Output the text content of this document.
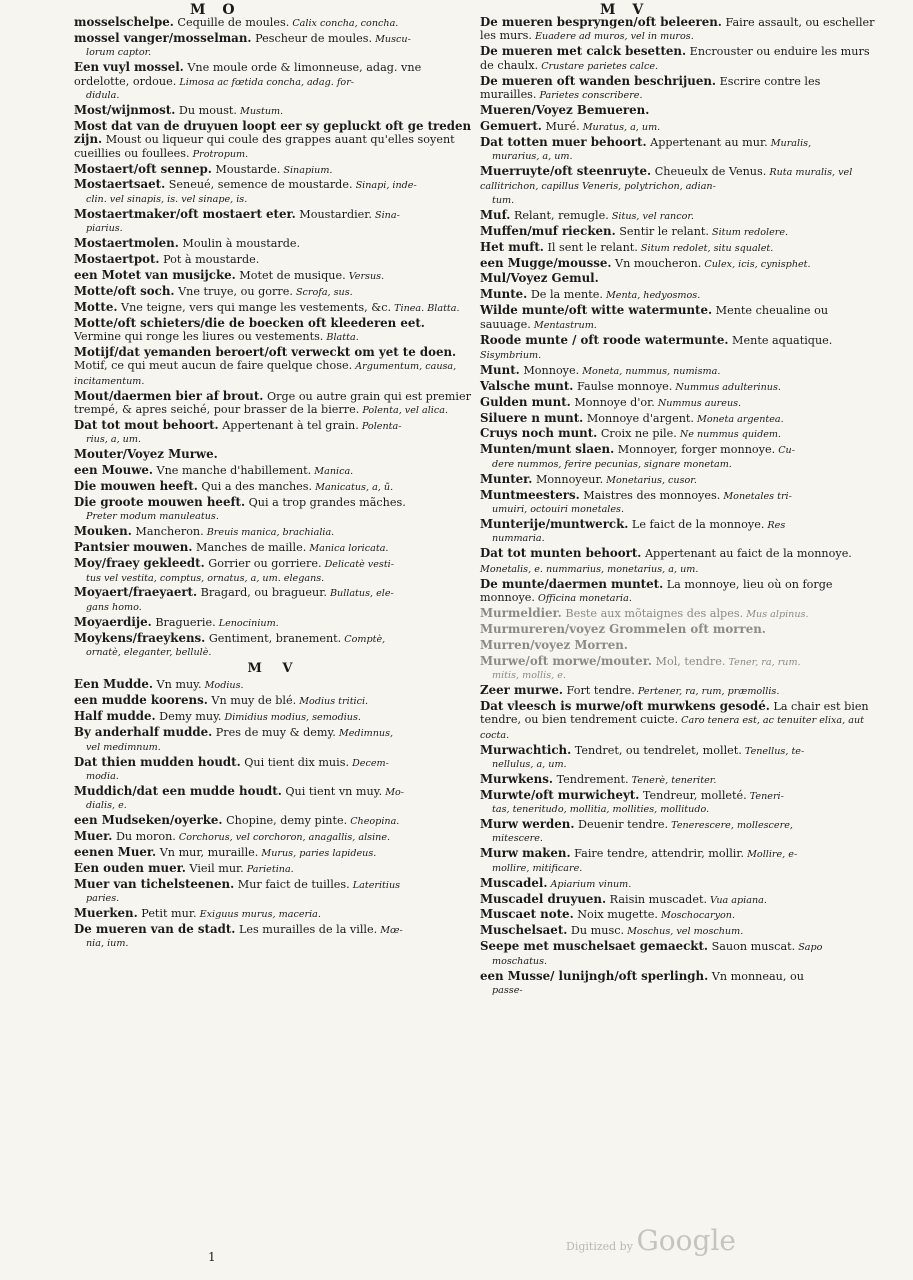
M O	M V
mosselschelpe. Cequille de moules. Calix concha, concha.
mossel vanger/mosselman. Pescheur de moules. Muscu-
lorum captor.
Een vuyl mossel. Vne moule orde & limonneuse, adag. vne ordelotte, ordoue. Limosa ac fœtida concha, adag. for-
didula.
Most/wijnmost. Du moust. Mustum.
Most dat van de druyuen loopt eer sy gepluckt oft ge treden zijn. Moust ou liqueur qui coule des grappes auant qu'elles soyent cueillies ou foullees. Protropum.
Mostaert/oft sennep. Moustarde. Sinapium.
Mostaertsaet. Seneué, semence de moustarde. Sinapi, inde-
clin. vel sinapis, is. vel sinape, is.
Mostaertmaker/oft mostaert eter. Moustardier. Sina-
piarius.
Mostaertmolen. Moulin à moustarde.
Mostaertpot. Pot à moustarde.
een Motet van musijcke. Motet de musique. Versus.
Motte/oft soch. Vne truye, ou gorre. Scrofa, sus.
Motte. Vne teigne, vers qui mange les vestements, &c. Tinea. Blatta.
Motte/oft schieters/die de boecken oft kleederen eet. Vermine qui ronge les liures ou vestements. Blatta.
Motijf/dat yemanden beroert/oft verweckt om yet te doen. Motif, ce qui meut aucun de faire quelque chose. Argumentum, causa, incitamentum.
Mout/daermen bier af brout. Orge ou autre grain qui est premier trempé, & apres seiché, pour brasser de la bierre. Polenta, vel alica.
Dat tot mout behoort. Appertenant à tel grain. Polenta-
rius, a, um.
Mouter/Voyez Murwe.
een Mouwe. Vne manche d'habillement. Manica.
Die mouwen heeft. Qui a des manches. Manicatus, a, ũ.
Die groote mouwen heeft. Qui a trop grandes mãches.
Preter modum manuleatus.
Mouken. Mancheron. Breuis manica, brachialia.
Pantsier mouwen. Manches de maille. Manica loricata.
Moy/fraey gekleedt. Gorrier ou gorriere. Delicatè vesti-
tus vel vestita, comptus, ornatus, a, um. elegans.
Moyaert/fraeyaert. Bragard, ou bragueur. Bullatus, ele-
gans homo.
Moyaerdije. Braguerie. Lenocinium.
Moykens/fraeykens. Gentiment, branement. Comptè,
ornatè, eleganter, bellulè.
M V
Een Mudde. Vn muy. Modius.
een mudde koorens. Vn muy de blé. Modius tritici.
Half mudde. Demy muy. Dimidius modius, semodius.
By anderhalf mudde. Pres de muy & demy. Medimnus,
vel medimnum.
Dat thien mudden houdt. Qui tient dix muis. Decem-
modia.
Muddich/dat een mudde houdt. Qui tient vn muy. Mo-
dialis, e.
een Mudseken/oyerke. Chopine, demy pinte. Cheopina.
Muer. Du moron. Corchorus, vel corchoron, anagallis, alsine.
eenen Muer. Vn mur, muraille. Murus, paries lapideus.
Een ouden muer. Vieil mur. Parietina.
Muer van tichelsteenen. Mur faict de tuilles. Lateritius
paries.
Muerken. Petit mur. Exiguus murus, maceria.
De mueren van de stadt. Les murailles de la ville. Mœ-
nia, ium.
De mueren bespryngen/oft beleeren. Faire assault, ou escheller les murs. Euadere ad muros, vel in muros.
De mueren met calck besetten. Encrouster ou enduire les murs de chaulx. Crustare parietes calce.
De mueren oft wanden beschrijuen. Escrire contre les murailles. Parietes conscribere.
Mueren/Voyez Bemueren.
Gemuert. Muré. Muratus, a, um.
Dat totten muer behoort. Appertenant au mur. Muralis,
murarius, a, um.
Muerruyte/oft steenruyte. Cheueulx de Venus. Ruta muralis, vel callitrichon, capillus Veneris, polytrichon, adian-
tum.
Muf. Relant, remugle. Situs, vel rancor.
Muffen/muf riecken. Sentir le relant. Situm redolere.
Het muft. Il sent le relant. Situm redolet, situ squalet.
een Mugge/mousse. Vn moucheron. Culex, icis, cynisphet.
Mul/Voyez Gemul.
Munte. De la mente. Menta, hedyosmos.
Wilde munte/oft witte watermunte. Mente cheualine ou sauuage. Mentastrum.
Roode munte / oft roode watermunte. Mente aquatique. Sisymbrium.
Munt. Monnoye. Moneta, nummus, numisma.
Valsche munt. Faulse monnoye. Nummus adulterinus.
Gulden munt. Monnoye d'or. Nummus aureus.
Siluere n munt. Monnoye d'argent. Moneta argentea.
Cruys noch munt. Croix ne pile. Ne nummus quidem.
Munten/munt slaen. Monnoyer, forger monnoye. Cu-
dere nummos, ferire pecunias, signare monetam.
Munter. Monnoyeur. Monetarius, cusor.
Muntmeesters. Maistres des monnoyes. Monetales tri-
umuiri, octouiri monetales.
Munterije/muntwerck. Le faict de la monnoye. Res
nummaria.
Dat tot munten behoort. Appertenant au faict de la monnoye. Monetalis, e. nummarius, monetarius, a, um.
De munte/daermen muntet. La monnoye, lieu où on forge monnoye. Officina monetaria.
Murmeldier. Beste aux mõtaignes des alpes. Mus alpinus.
Murmureren/voyez Grommelen oft morren.
Murren/voyez Morren.
Murwe/oft morwe/mouter. Mol, tendre. Tener, ra, rum.
mitis, mollis, e.
Zeer murwe. Fort tendre. Pertener, ra, rum, præmollis.
Dat vleesch is murwe/oft murwkens gesodé. La chair est bien tendre, ou bien tendrement cuicte. Caro tenera est, ac tenuiter elixa, aut cocta.
Murwachtich. Tendret, ou tendrelet, mollet. Tenellus, te-
nellulus, a, um.
Murwkens. Tendrement. Tenerè, teneriter.
Murwte/oft murwicheyt. Tendreur, molleté. Teneri-
tas, teneritudo, mollitia, mollities, mollitudo.
Murw werden. Deuenir tendre. Tenerescere, mollescere,
mitescere.
Murw maken. Faire tendre, attendrir, mollir. Mollire, e-
mollire, mitificare.
Muscadel. Apiarium vinum.
Muscadel druyuen. Raisin muscadet. Vua apiana.
Muscaet note. Noix mugette. Moschocaryon.
Muschelsaet. Du musc. Moschus, vel moschum.
Seepe met muschelsaet gemaeckt. Sauon muscat. Sapo
moschatus.
een Musse/ lunijngh/oft sperlingh. Vn monneau, ou
passe-
1
Digitized by Google
